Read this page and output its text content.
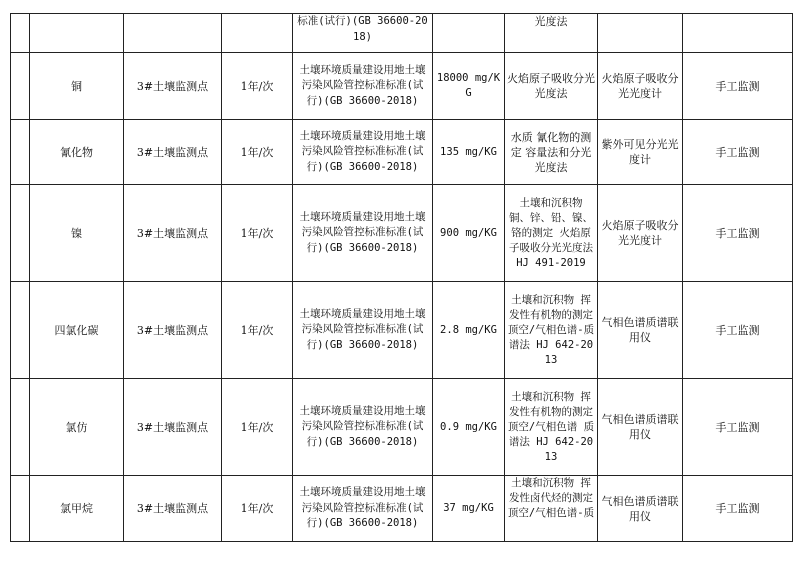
				标准(试行)(GB 36600-2018)		光度法		
	铜	3#土壤监测点	1年/次	土壤环境质量建设用地土壤污染风险管控标准标准(试行)(GB 36600-2018)	18000 mg/KG	火焰原子吸收分光光度法	火焰原子吸收分光光度计	手工监测
	氰化物	3#土壤监测点	1年/次	土壤环境质量建设用地土壤污染风险管控标准标准(试行)(GB 36600-2018)	135 mg/KG	水质 氰化物的测定 容量法和分光光度法	紫外可见分光光度计	手工监测
	镍	3#土壤监测点	1年/次	土壤环境质量建设用地土壤污染风险管控标准标准(试行)(GB 36600-2018)	900 mg/KG	土壤和沉积物 铜、锌、铅、镍、铬的测定 火焰原子吸收分光光度法 HJ 491-2019	火焰原子吸收分光光度计	手工监测
	四氯化碳	3#土壤监测点	1年/次	土壤环境质量建设用地土壤污染风险管控标准标准(试行)(GB 36600-2018)	2.8 mg/KG	土壤和沉积物 挥发性有机物的测定 顶空/气相色谱-质谱法 HJ 642-2013	气相色谱质谱联用仪	手工监测
	氯仿	3#土壤监测点	1年/次	土壤环境质量建设用地土壤污染风险管控标准标准(试行)(GB 36600-2018)	0.9 mg/KG	土壤和沉积物 挥发性有机物的测定 顶空/气相色谱 质谱法 HJ 642-2013	气相色谱质谱联用仪	手工监测
	氯甲烷	3#土壤监测点	1年/次	土壤环境质量建设用地土壤污染风险管控标准标准(试行)(GB 36600-2018)	37 mg/KG	土壤和沉积物 挥发性卤代烃的测定 顶空/气相色谱-质	气相色谱质谱联用仪	手工监测
